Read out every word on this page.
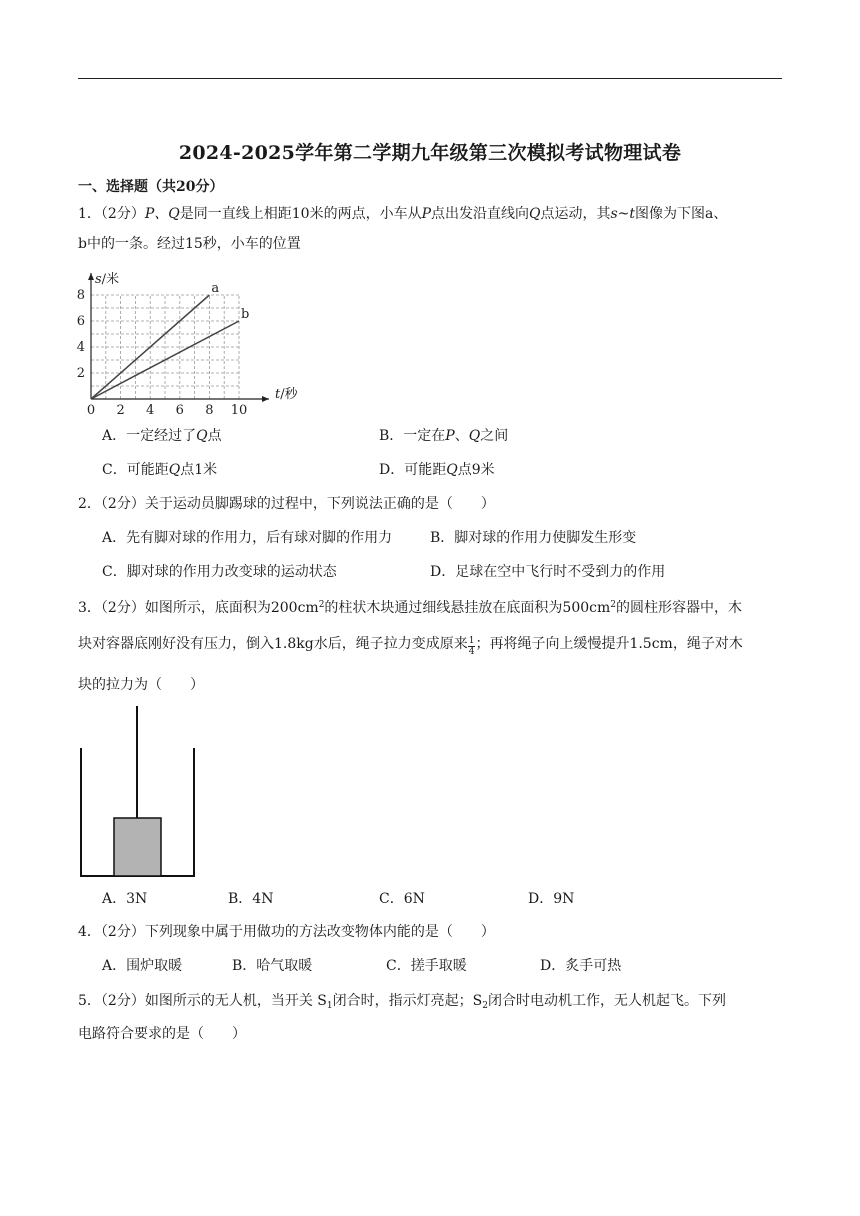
2024-2025学年第二学期九年级第三次模拟考试物理试卷
一、选择题（共20分）
1．（2分）P、Q是同一直线上相距10米的两点，小车从P点出发沿直线向Q点运动，其s~t图像为下图a、
b中的一条。经过15秒，小车的位置
0 2 4 6 8 10
2
4
6
8
s/米
t/秒
a
b
A．一定经过了Q点	B．一定在P、Q之间
C．可能距Q点1米	D．可能距Q点9米
2．（2分）关于运动员脚踢球的过程中，下列说法正确的是（　　）
A．先有脚对球的作用力，后有球对脚的作用力	B．脚对球的作用力使脚发生形变
C．脚对球的作用力改变球的运动状态	D．足球在空中飞行时不受到力的作用
3．（2分）如图所示，底面积为$200cm^2$的柱状木块通过细线悬挂放在底面积为$500cm^2$的圆柱形容器中，木
块对容器底刚好没有压力，倒入1.8kg水后，绳子拉力变成原来 $\frac{1}{4}$ ；再将绳子向上缓慢提升1.5cm，绳子对木
块的拉力为（　　）
A．3N	B．4N	C．6N	D．9N
4．（2分）下列现象中属于用做功的方法改变物体内能的是（　　）
A．围炉取暖	B．哈气取暖	C．搓手取暖	D．炙手可热
5．（2分）如图所示的无人机，当开关 $S_1$闭合时，指示灯亮起；$S_2$闭合时电动机工作，无人机起飞。下列
电路符合要求的是（　　）
